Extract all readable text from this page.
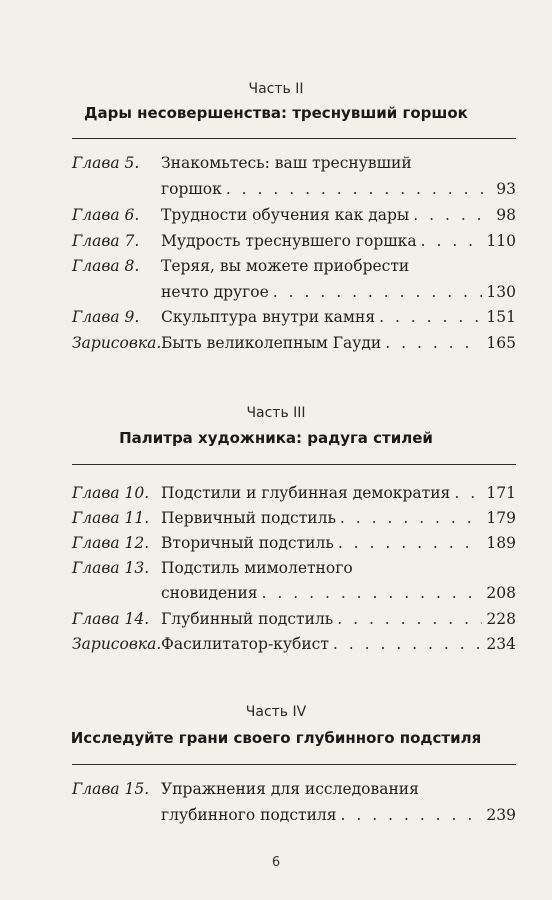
Часть II
Дары несовершенства: треснувший горшок
Глава 5. Знакомьтесь: ваш треснувший
горшок . . .	93
Глава 6. Трудности обучения как дары . . .	98
Глава 7. Мудрость треснувшего горшка . . .	110
Глава 8. Теряя, вы можете приобрести
нечто другое . . .	130
Глава 9. Скульптура внутри камня . . .	151
Зарисовка. Быть великолепным Гауди . . .	165
Часть III
Палитра художника: радуга стилей
Глава 10. Подстили и глубинная демократия . . . 171
Глава 11. Первичный подстиль . . .	179
Глава 12. Вторичный подстиль . . .	189
Глава 13. Подстиль мимолетного
сновидения . . .	208
Глава 14. Глубинный подстиль . . .	228
Зарисовка. Фасилитатор-кубист . . .	234
Часть IV
Исследуйте грани своего глубинного подстиля
Глава 15. Упражнения для исследования
глубинного подстиля . . .	239
6
